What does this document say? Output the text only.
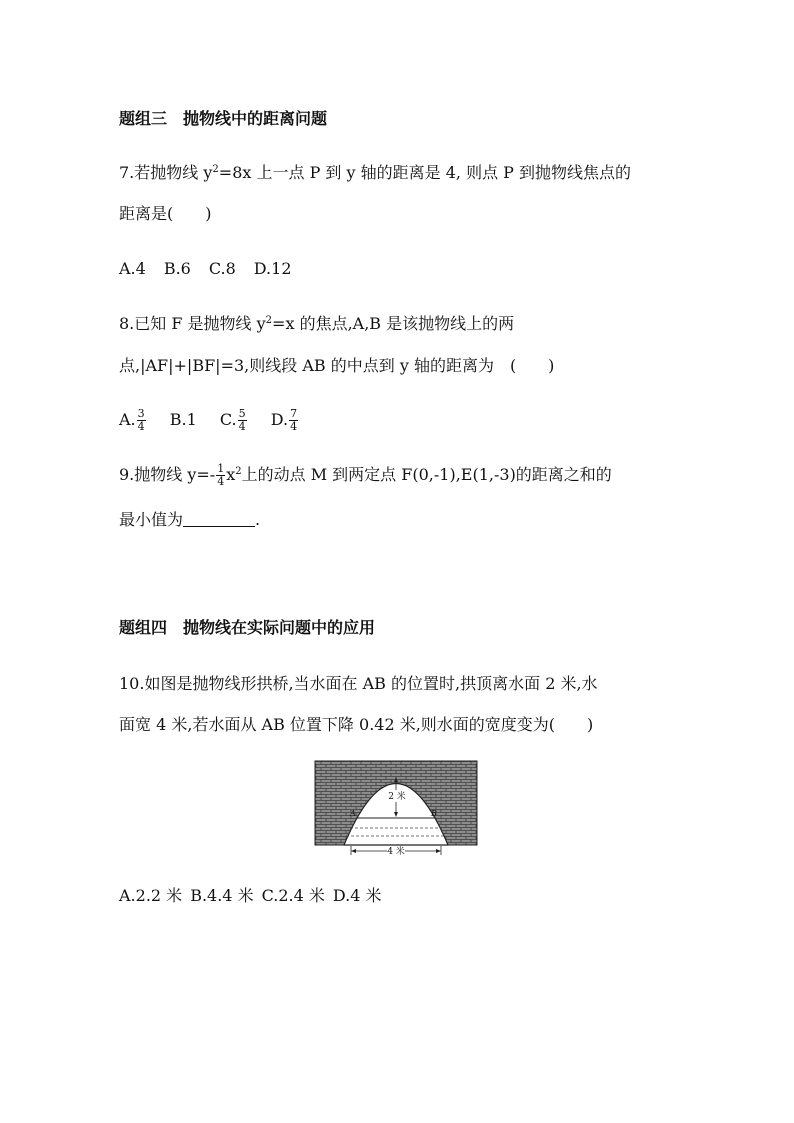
题组三 抛物线中的距离问题
7.若抛物线 $y^2=8x$ 上一点 P 到 y 轴的距离是 4, 则点 P 到抛物线焦点的
距离是(　　)
A.4 B.6 C.8 D.12
8.已知 F 是抛物线 $y^2=x$ 的焦点,A,B 是该抛物线上的两
点,|AF|+|BF|=3,则线段 AB 的中点到 y 轴的距离为　(　　)
A. $\frac{3}{4} B.1$ C. $\frac{5}{4} D$. $\frac{7}{4}$
9.抛物线 $y=- \frac{1}{4} x^2$上的动点 M 到两定点 F(0,-1),E(1,-3)的距离之和的
最小值为	.
题组四 抛物线在实际问题中的应用
10.如图是抛物线形拱桥,当水面在 AB 的位置时,拱顶离水面 2 米,水
面宽 4 米,若水面从 AB 位置下降 0.42 米,则水面的宽度变为(　　)
2 米
A	B
4 米
A.2.2 米 B.4.4 米 C.2.4 米 D.4 米
